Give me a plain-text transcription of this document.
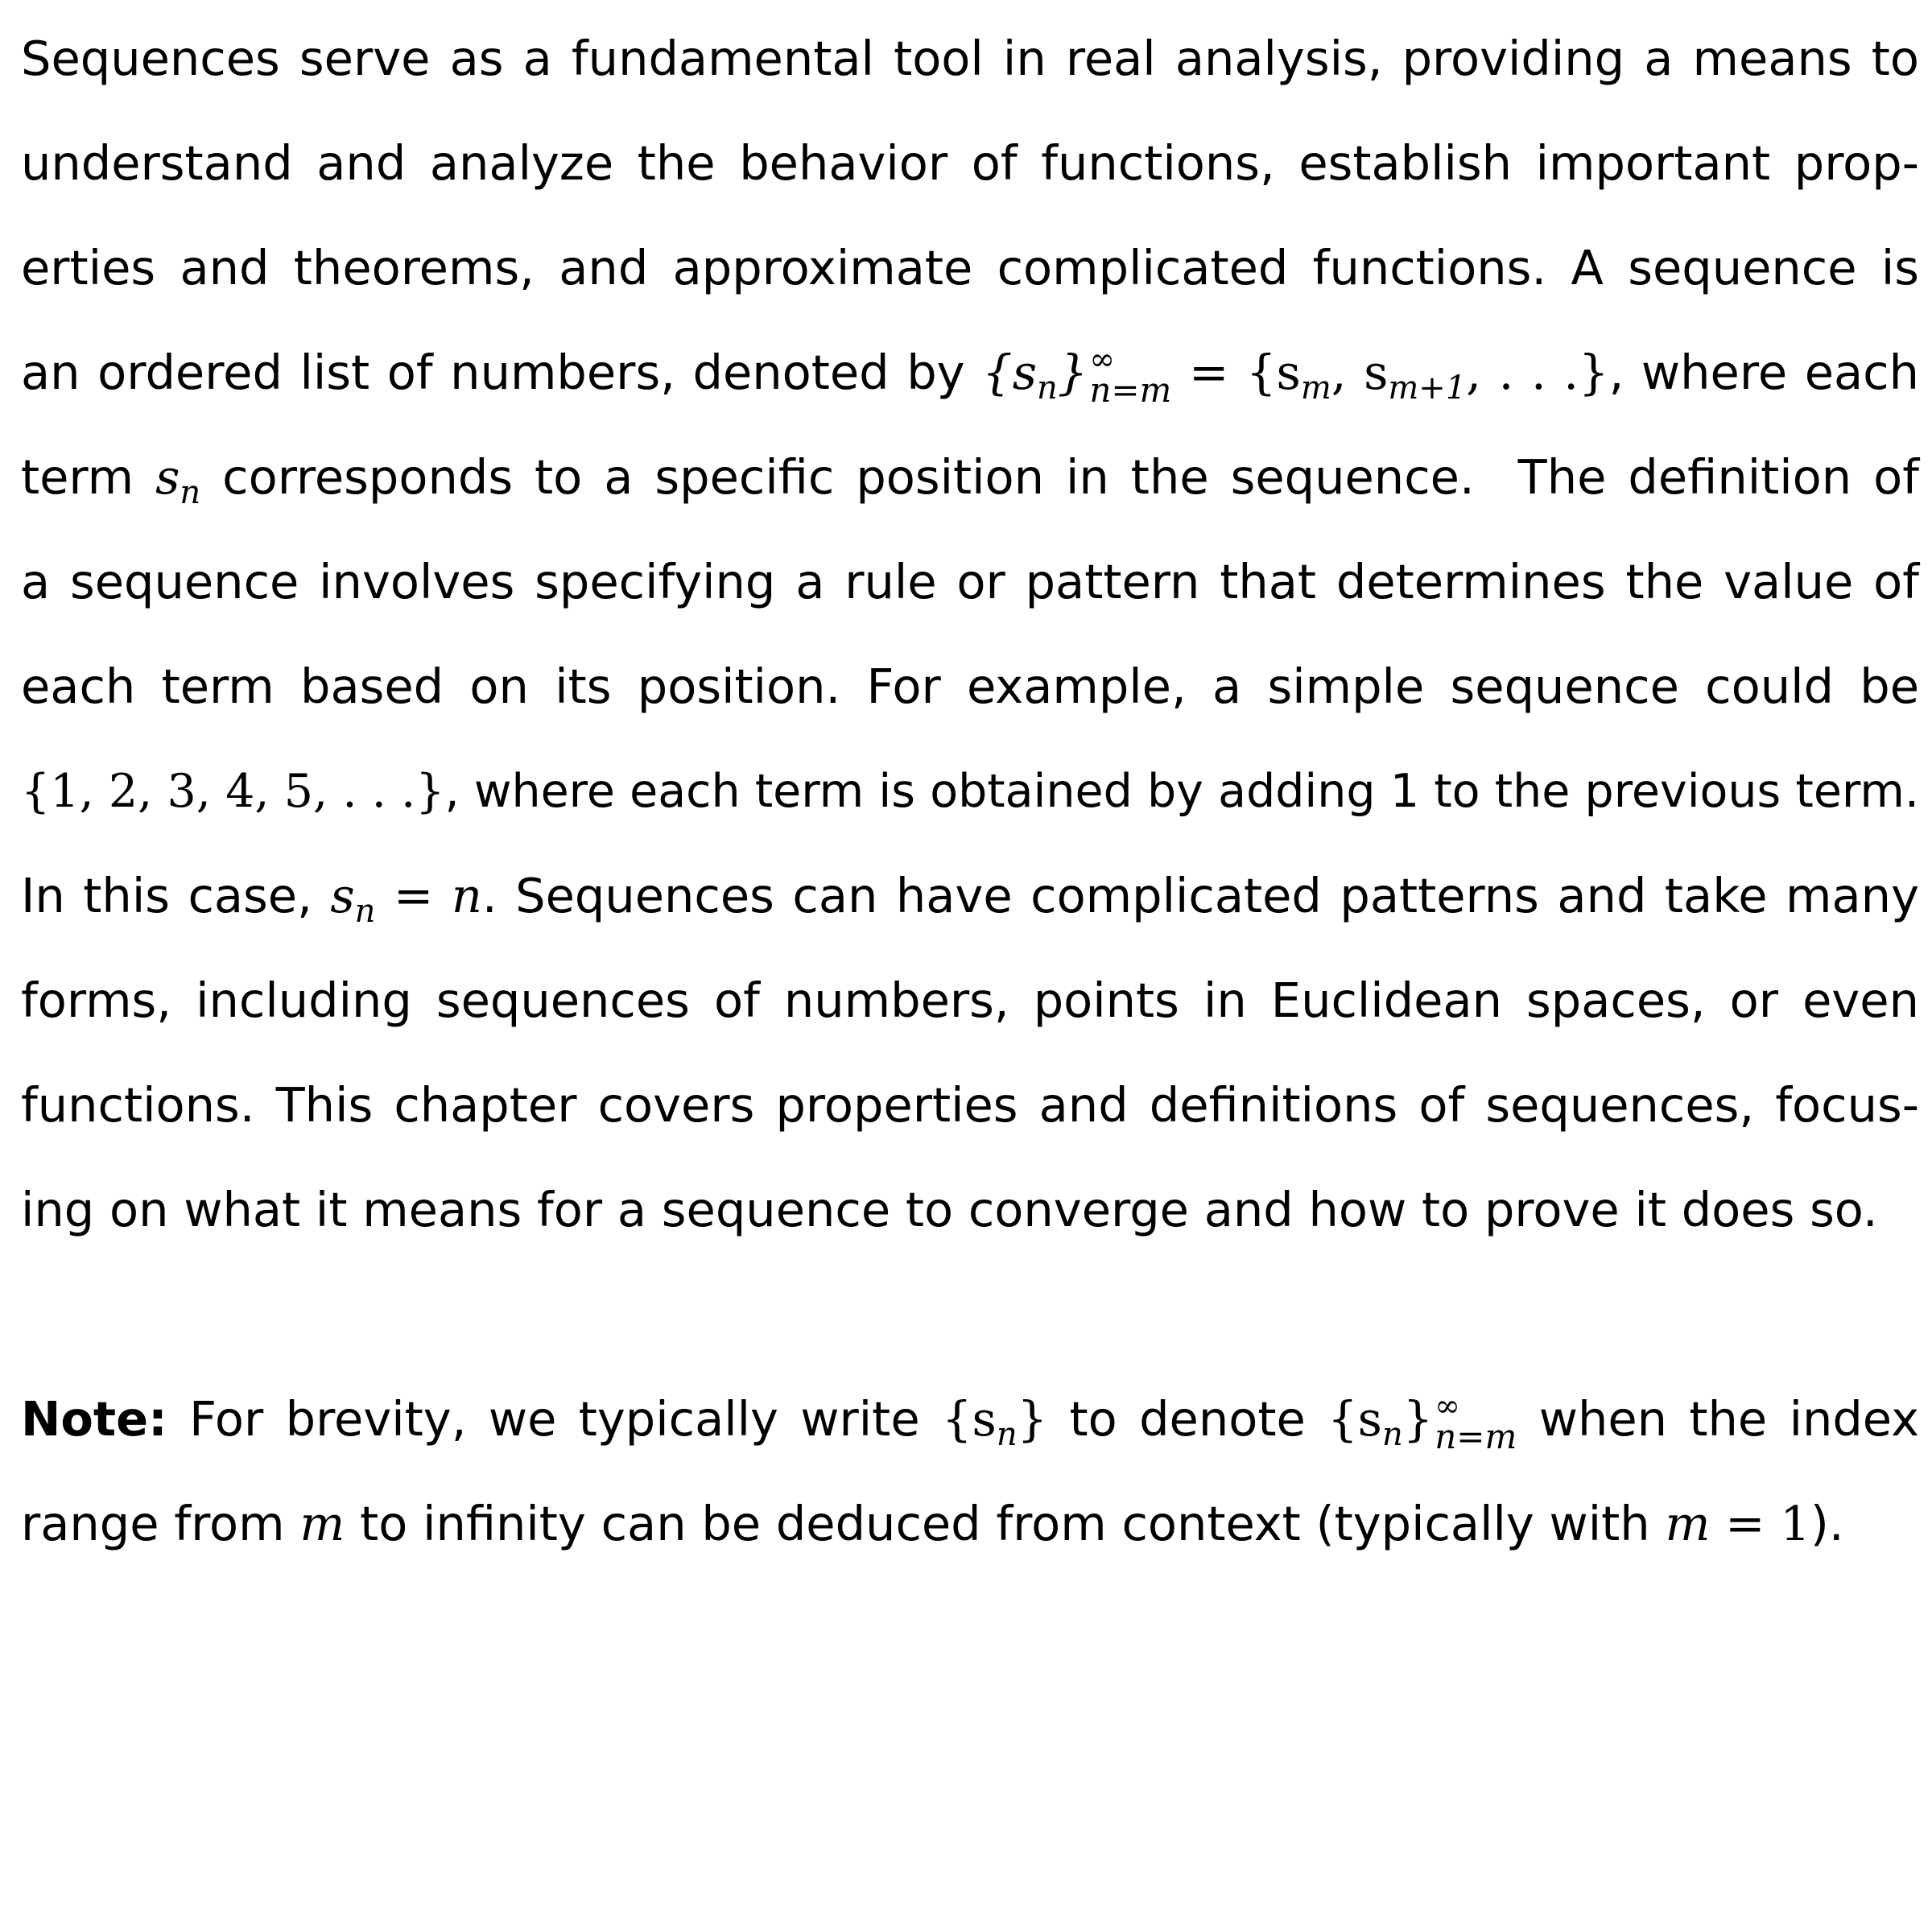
Sequences serve as a fundamental tool in real analysis, providing a means to
understand and analyze the behavior of functions, establish important prop-
erties and theorems, and approximate complicated functions. A sequence is
an ordered list of numbers, denoted by $\{s_n\}$ ∞
$n=m = \{s_m$, $s_{m+1}$, . . .}, where each
term $s_n$ corresponds to a specific position in the sequence.  The definition of
a sequence involves specifying a rule or pattern that determines the value of
each term based on its position. For example, a simple sequence could be
{1, 2, 3, 4, 5, . . .}, where each term is obtained by adding 1 to the previous term.
In this case, $s_n = n$. Sequences can have complicated patterns and take many
forms, including sequences of numbers, points in Euclidean spaces, or even
functions. This chapter covers properties and definitions of sequences, focus-
ing on what it means for a sequence to converge and how to prove it does so.
Note: For brevity, we typically write $\{s_n\}$ to denote $\{s_n\}$ ∞
n=m when the index
range from m to infinity can be deduced from context (typically with m = 1).
